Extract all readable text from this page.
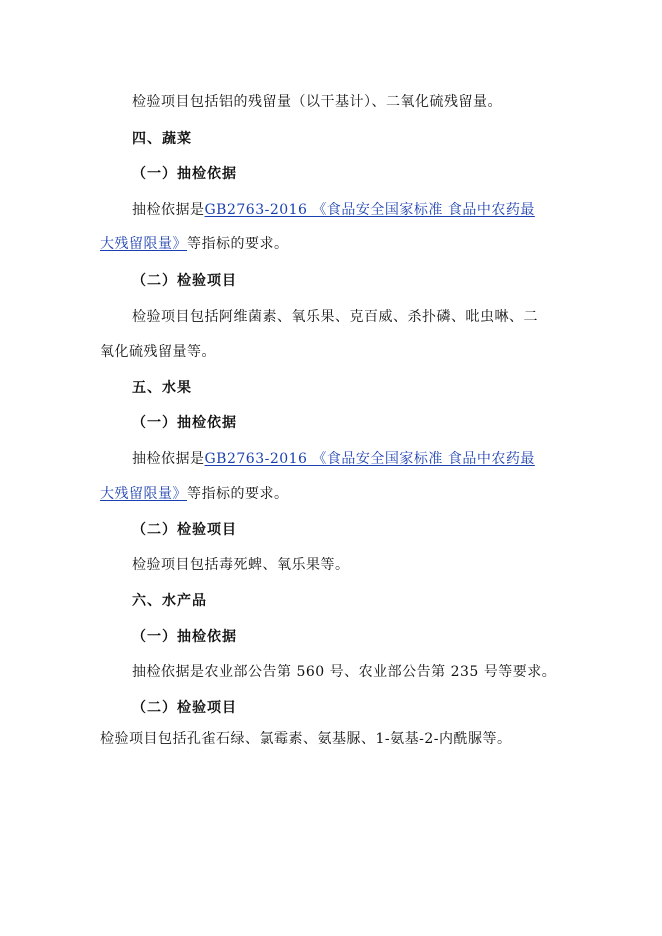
检验项目包括铝的残留量（以干基计）、二氧化硫残留量。
四、蔬菜
（一）抽检依据
抽检依据是GB2763-2016 《食品安全国家标准 食品中农药最
大残留限量》等指标的要求。
（二）检验项目
检验项目包括阿维菌素、氧乐果、克百威、杀扑磷、吡虫啉、二
氧化硫残留量等。
五、水果
（一）抽检依据
抽检依据是GB2763-2016 《食品安全国家标准 食品中农药最
大残留限量》等指标的要求。
（二）检验项目
检验项目包括毒死蜱、氧乐果等。
六、水产品
（一）抽检依据
抽检依据是农业部公告第 560 号、农业部公告第 235 号等要求。
（二）检验项目
检验项目包括孔雀石绿、氯霉素、氨基脲、1-氨基-2-内酰脲等。
